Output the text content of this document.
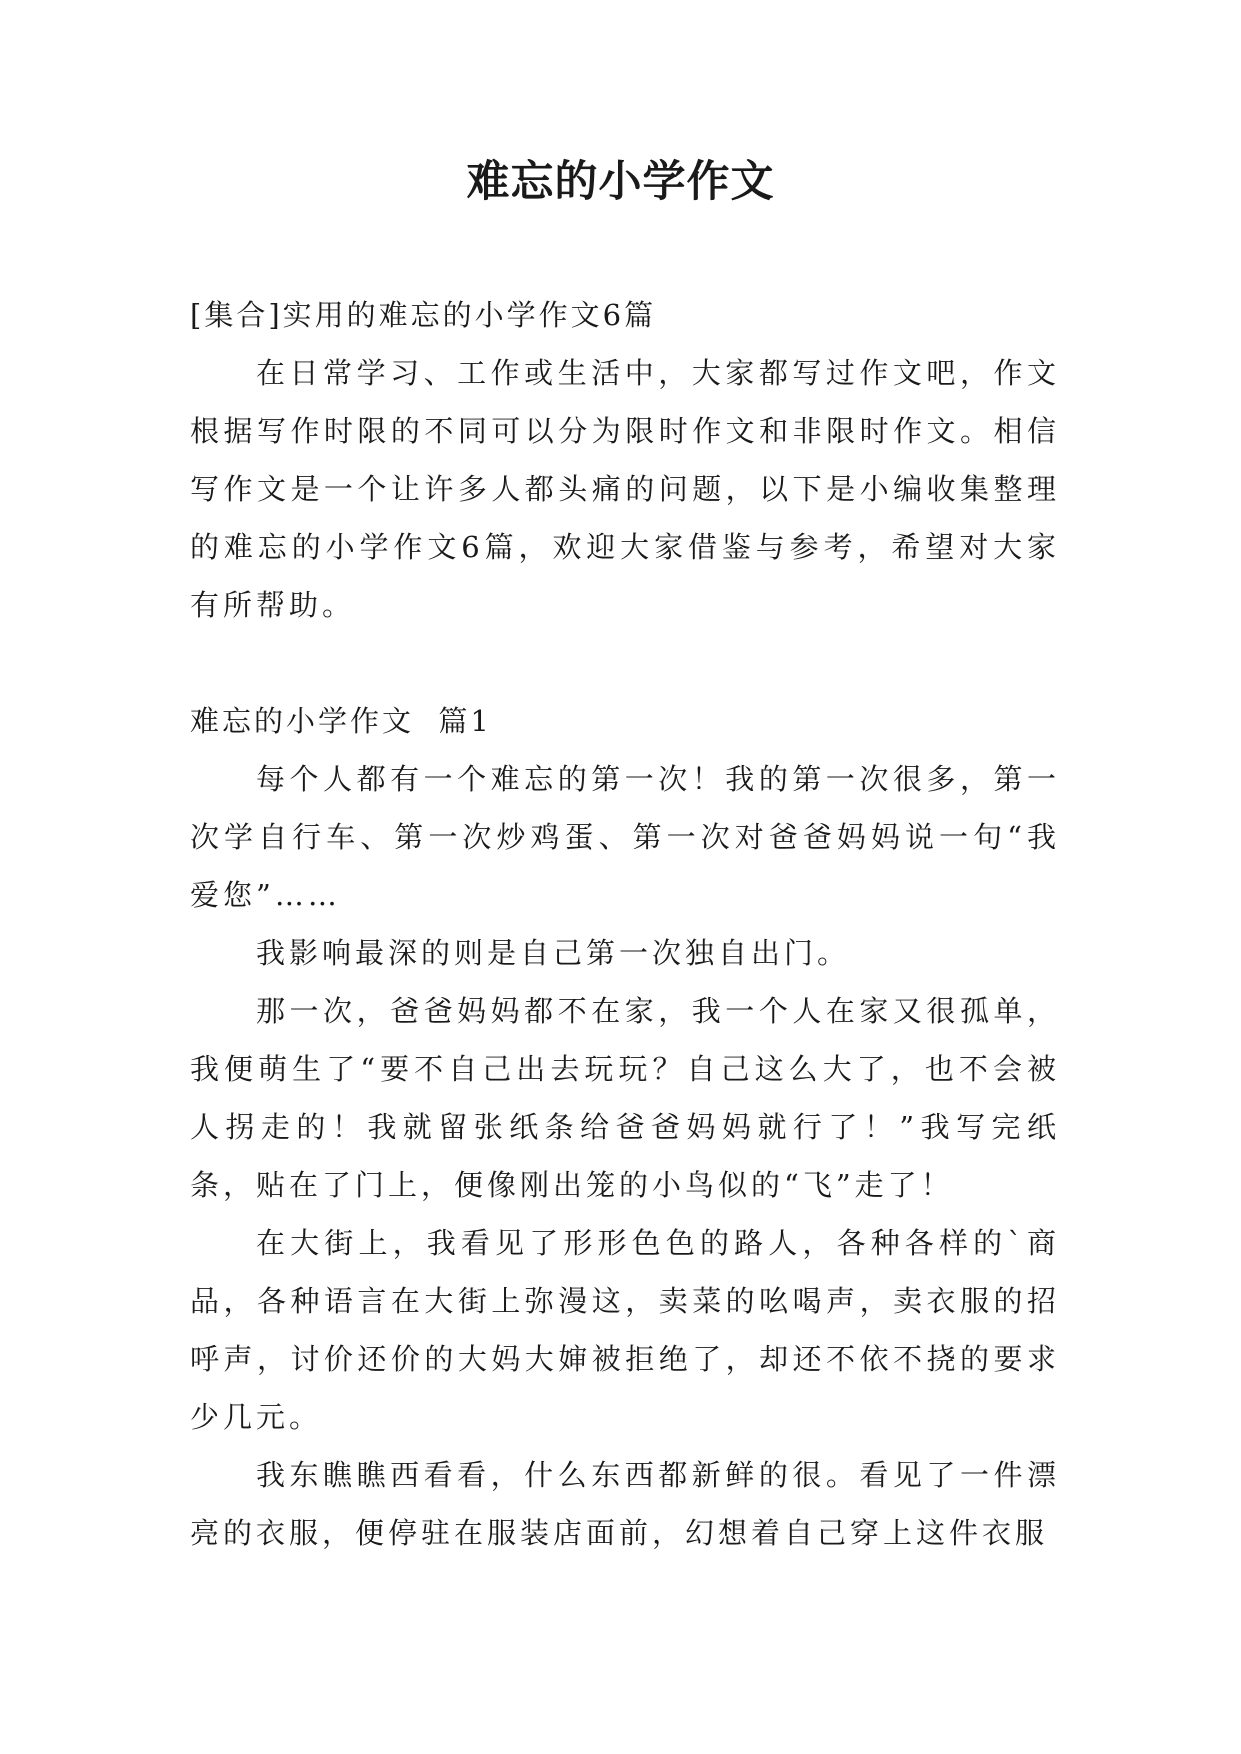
难忘的小学作文

[集合]实用的难忘的小学作文6篇

在日常学习、工作或生活中，大家都写过作文吧，作文根据写作时限的不同可以分为限时作文和非限时作文。相信写作文是一个让许多人都头痛的问题，以下是小编收集整理的难忘的小学作文6篇，欢迎大家借鉴与参考，希望对大家有所帮助。

难忘的小学作文  篇1

每个人都有一个难忘的第一次！我的第一次很多，第一次学自行车、第一次炒鸡蛋、第一次对爸爸妈妈说一句“我爱您”……

我影响最深的则是自己第一次独自出门。

那一次，爸爸妈妈都不在家，我一个人在家又很孤单，我便萌生了“要不自己出去玩玩？自己这么大了，也不会被人拐走的！我就留张纸条给爸爸妈妈就行了！”我写完纸条，贴在了门上，便像刚出笼的小鸟似的“飞”走了！

在大街上，我看见了形形色色的路人，各种各样的`商品，各种语言在大街上弥漫这，卖菜的吆喝声，卖衣服的招呼声，讨价还价的大妈大婶被拒绝了，却还不依不挠的要求少几元。

我东瞧瞧西看看，什么东西都新鲜的很。看见了一件漂亮的衣服，便停驻在服装店面前，幻想着自己穿上这件衣服
